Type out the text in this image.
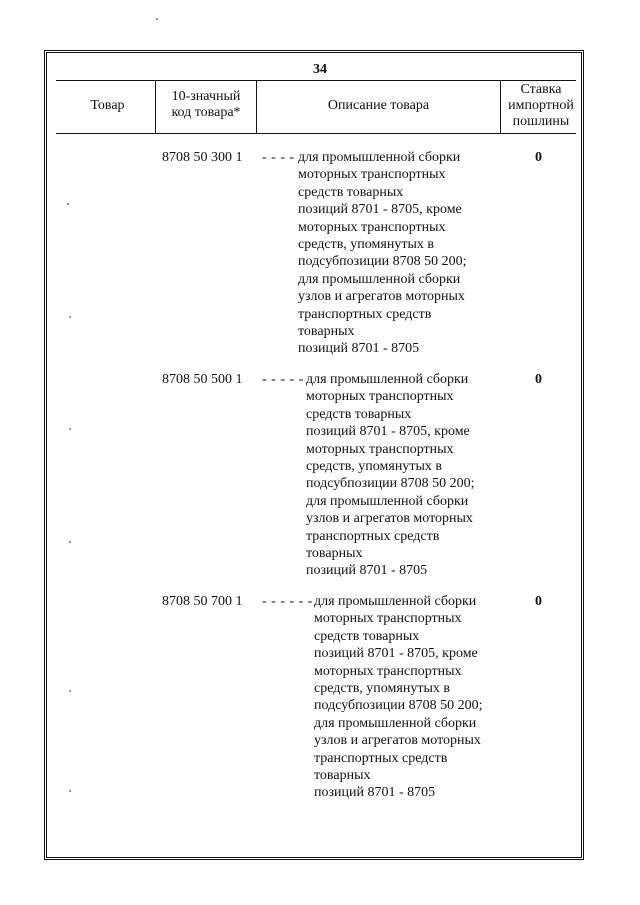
34
Товар
10-значный
код товара*	Описание товара
Ставка
импортной
пошлины
8708 50 300 1 - - - - для промышленной сборки
моторных транспортных
средств товарных
позиций 8701 - 8705, кроме
моторных транспортных
средств, упомянутых в
подсубпозиции 8708 50 200;
для промышленной сборки
узлов и агрегатов моторных
транспортных средств
товарных
позиций 8701 - 8705
0
8708 50 500 1 - - - - - для промышленной сборки
моторных транспортных
средств товарных
позиций 8701 - 8705, кроме
моторных транспортных
средств, упомянутых в
подсубпозиции 8708 50 200;
для промышленной сборки
узлов и агрегатов моторных
транспортных средств
товарных
позиций 8701 - 8705
0
8708 50 700 1 - - - - - - для промышленной сборки
моторных транспортных
средств товарных
позиций 8701 - 8705, кроме
моторных транспортных
средств, упомянутых в
подсубпозиции 8708 50 200;
для промышленной сборки
узлов и агрегатов моторных
транспортных средств
товарных
позиций 8701 - 8705
0
